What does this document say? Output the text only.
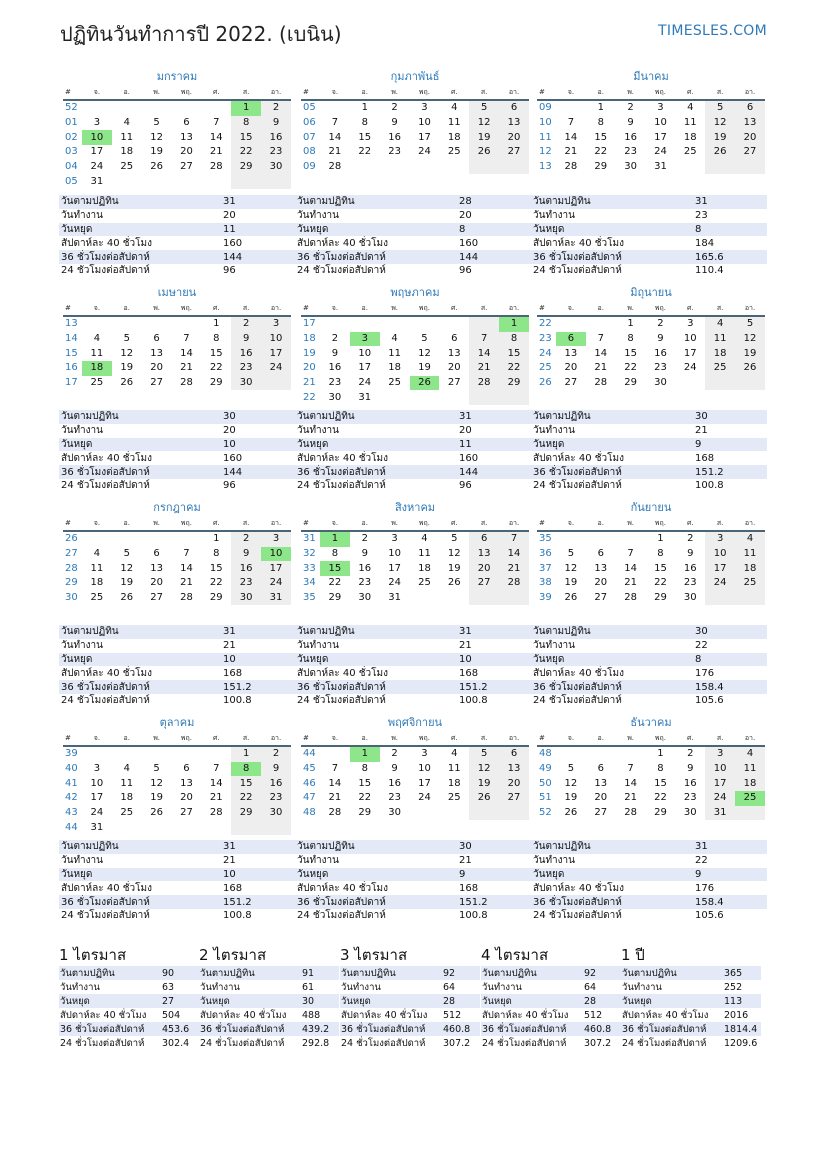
ปฏิทินวันทำการปี 2022. (เบนิน)	TIMESLES.COM
มกราคม
#	จ.	อ.	พ.	พฤ.	ศ.	ส.	อา.
52						1	2
01	3	4	5	6	7	8	9
02	10	11	12	13	14	15	16
03	17	18	19	20	21	22	23
04	24	25	26	27	28	29	30
05	31						
วันตามปฏิทิน	31
วันทำงาน	20
วันหยุด	11
สัปดาห์ละ 40 ชั่วโมง	160
36 ชั่วโมงต่อสัปดาห์	144
24 ชั่วโมงต่อสัปดาห์	96
กุมภาพันธ์
#	จ.	อ.	พ.	พฤ.	ศ.	ส.	อา.
05		1	2	3	4	5	6
06	7	8	9	10	11	12	13
07	14	15	16	17	18	19	20
08	21	22	23	24	25	26	27
09	28						
วันตามปฏิทิน	28
วันทำงาน	20
วันหยุด	8
สัปดาห์ละ 40 ชั่วโมง	160
36 ชั่วโมงต่อสัปดาห์	144
24 ชั่วโมงต่อสัปดาห์	96
มีนาคม
#	จ.	อ.	พ.	พฤ.	ศ.	ส.	อา.
09		1	2	3	4	5	6
10	7	8	9	10	11	12	13
11	14	15	16	17	18	19	20
12	21	22	23	24	25	26	27
13	28	29	30	31			
วันตามปฏิทิน	31
วันทำงาน	23
วันหยุด	8
สัปดาห์ละ 40 ชั่วโมง	184
36 ชั่วโมงต่อสัปดาห์	165.6
24 ชั่วโมงต่อสัปดาห์	110.4
เมษายน
#	จ.	อ.	พ.	พฤ.	ศ.	ส.	อา.
13					1	2	3
14	4	5	6	7	8	9	10
15	11	12	13	14	15	16	17
16	18	19	20	21	22	23	24
17	25	26	27	28	29	30	
วันตามปฏิทิน	30
วันทำงาน	20
วันหยุด	10
สัปดาห์ละ 40 ชั่วโมง	160
36 ชั่วโมงต่อสัปดาห์	144
24 ชั่วโมงต่อสัปดาห์	96
พฤษภาคม
#	จ.	อ.	พ.	พฤ.	ศ.	ส.	อา.
17							1
18	2	3	4	5	6	7	8
19	9	10	11	12	13	14	15
20	16	17	18	19	20	21	22
21	23	24	25	26	27	28	29
22	30	31					
วันตามปฏิทิน	31
วันทำงาน	20
วันหยุด	11
สัปดาห์ละ 40 ชั่วโมง	160
36 ชั่วโมงต่อสัปดาห์	144
24 ชั่วโมงต่อสัปดาห์	96
มิถุนายน
#	จ.	อ.	พ.	พฤ.	ศ.	ส.	อา.
22			1	2	3	4	5
23	6	7	8	9	10	11	12
24	13	14	15	16	17	18	19
25	20	21	22	23	24	25	26
26	27	28	29	30			
วันตามปฏิทิน	30
วันทำงาน	21
วันหยุด	9
สัปดาห์ละ 40 ชั่วโมง	168
36 ชั่วโมงต่อสัปดาห์	151.2
24 ชั่วโมงต่อสัปดาห์	100.8
กรกฎาคม
#	จ.	อ.	พ.	พฤ.	ศ.	ส.	อา.
26					1	2	3
27	4	5	6	7	8	9	10
28	11	12	13	14	15	16	17
29	18	19	20	21	22	23	24
30	25	26	27	28	29	30	31
วันตามปฏิทิน	31
วันทำงาน	21
วันหยุด	10
สัปดาห์ละ 40 ชั่วโมง	168
36 ชั่วโมงต่อสัปดาห์	151.2
24 ชั่วโมงต่อสัปดาห์	100.8
สิงหาคม
#	จ.	อ.	พ.	พฤ.	ศ.	ส.	อา.
31	1	2	3	4	5	6	7
32	8	9	10	11	12	13	14
33	15	16	17	18	19	20	21
34	22	23	24	25	26	27	28
35	29	30	31				
วันตามปฏิทิน	31
วันทำงาน	21
วันหยุด	10
สัปดาห์ละ 40 ชั่วโมง	168
36 ชั่วโมงต่อสัปดาห์	151.2
24 ชั่วโมงต่อสัปดาห์	100.8
กันยายน
#	จ.	อ.	พ.	พฤ.	ศ.	ส.	อา.
35				1	2	3	4
36	5	6	7	8	9	10	11
37	12	13	14	15	16	17	18
38	19	20	21	22	23	24	25
39	26	27	28	29	30		
วันตามปฏิทิน	30
วันทำงาน	22
วันหยุด	8
สัปดาห์ละ 40 ชั่วโมง	176
36 ชั่วโมงต่อสัปดาห์	158.4
24 ชั่วโมงต่อสัปดาห์	105.6
ตุลาคม
#	จ.	อ.	พ.	พฤ.	ศ.	ส.	อา.
39						1	2
40	3	4	5	6	7	8	9
41	10	11	12	13	14	15	16
42	17	18	19	20	21	22	23
43	24	25	26	27	28	29	30
44	31						
วันตามปฏิทิน	31
วันทำงาน	21
วันหยุด	10
สัปดาห์ละ 40 ชั่วโมง	168
36 ชั่วโมงต่อสัปดาห์	151.2
24 ชั่วโมงต่อสัปดาห์	100.8
พฤศจิกายน
#	จ.	อ.	พ.	พฤ.	ศ.	ส.	อา.
44		1	2	3	4	5	6
45	7	8	9	10	11	12	13
46	14	15	16	17	18	19	20
47	21	22	23	24	25	26	27
48	28	29	30				
วันตามปฏิทิน	30
วันทำงาน	21
วันหยุด	9
สัปดาห์ละ 40 ชั่วโมง	168
36 ชั่วโมงต่อสัปดาห์	151.2
24 ชั่วโมงต่อสัปดาห์	100.8
ธันวาคม
#	จ.	อ.	พ.	พฤ.	ศ.	ส.	อา.
48				1	2	3	4
49	5	6	7	8	9	10	11
50	12	13	14	15	16	17	18
51	19	20	21	22	23	24	25
52	26	27	28	29	30	31	
วันตามปฏิทิน	31
วันทำงาน	22
วันหยุด	9
สัปดาห์ละ 40 ชั่วโมง	176
36 ชั่วโมงต่อสัปดาห์	158.4
24 ชั่วโมงต่อสัปดาห์	105.6
1 ไตรมาส
วันตามปฏิทิน	90
วันทำงาน	63
วันหยุด	27
สัปดาห์ละ 40 ชั่วโมง	504
36 ชั่วโมงต่อสัปดาห์	453.6
24 ชั่วโมงต่อสัปดาห์	302.4
2 ไตรมาส
วันตามปฏิทิน	91
วันทำงาน	61
วันหยุด	30
สัปดาห์ละ 40 ชั่วโมง	488
36 ชั่วโมงต่อสัปดาห์	439.2
24 ชั่วโมงต่อสัปดาห์	292.8
3 ไตรมาส
วันตามปฏิทิน	92
วันทำงาน	64
วันหยุด	28
สัปดาห์ละ 40 ชั่วโมง	512
36 ชั่วโมงต่อสัปดาห์	460.8
24 ชั่วโมงต่อสัปดาห์	307.2
4 ไตรมาส
วันตามปฏิทิน	92
วันทำงาน	64
วันหยุด	28
สัปดาห์ละ 40 ชั่วโมง	512
36 ชั่วโมงต่อสัปดาห์	460.8
24 ชั่วโมงต่อสัปดาห์	307.2
1 ปี
วันตามปฏิทิน	365
วันทำงาน	252
วันหยุด	113
สัปดาห์ละ 40 ชั่วโมง	2016
36 ชั่วโมงต่อสัปดาห์	1814.4
24 ชั่วโมงต่อสัปดาห์	1209.6
